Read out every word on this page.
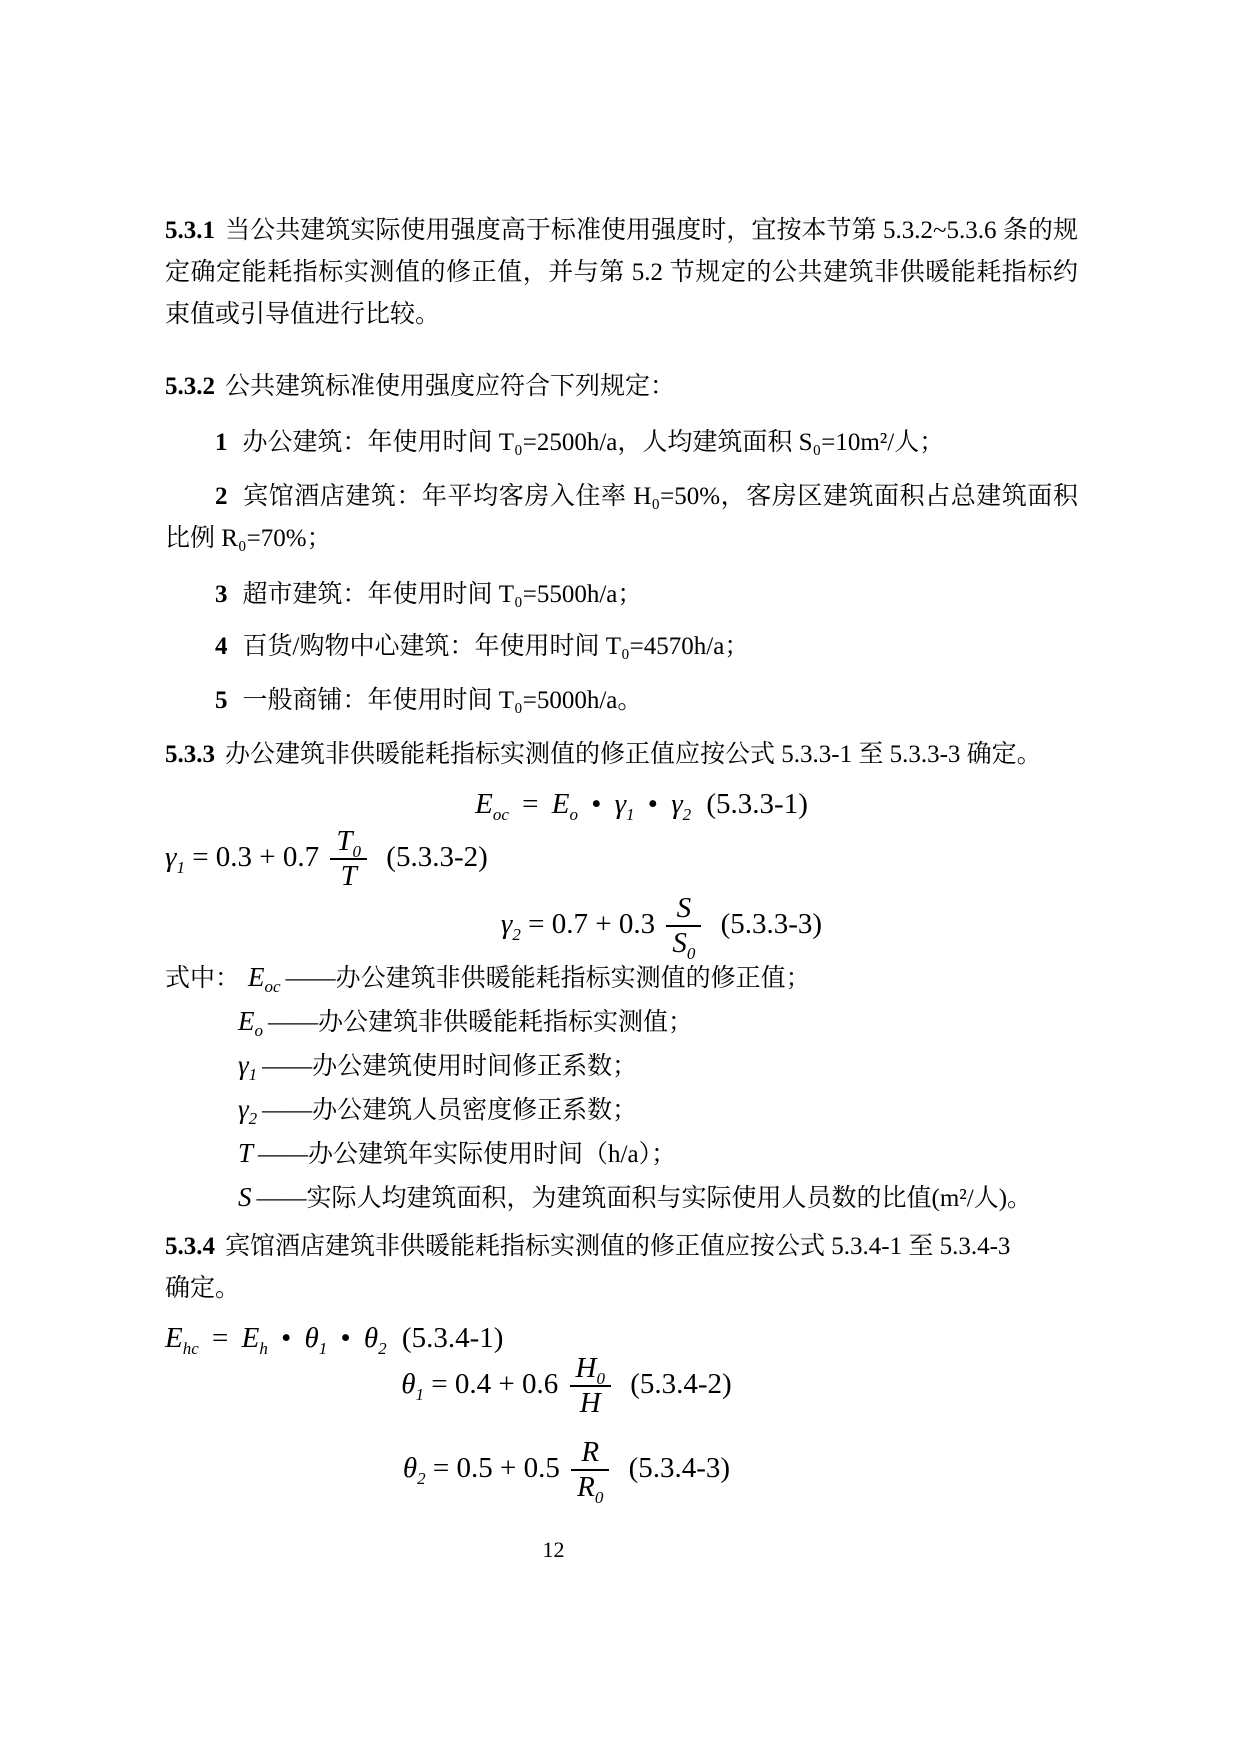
5.3.1 当公共建筑实际使用强度高于标准使用强度时，宜按本节第 5.3.2~5.3.6 条的规定确定能耗指标实测值的修正值，并与第 5.2 节规定的公共建筑非供暖能耗指标约束值或引导值进行比较。
5.3.2 公共建筑标准使用强度应符合下列规定：
1 办公建筑：年使用时间 T₀=2500h/a，人均建筑面积 S₀=10m²/人；
2 宾馆酒店建筑：年平均客房入住率 H₀=50%，客房区建筑面积占总建筑面积比例 R₀=70%；
3 超市建筑：年使用时间 T₀=5500h/a；
4 百货/购物中心建筑：年使用时间 T₀=4570h/a；
5 一般商铺：年使用时间 T₀=5000h/a。
5.3.3 办公建筑非供暖能耗指标实测值的修正值应按公式 5.3.3-1 至 5.3.3-3 确定。
$E_{oc} = E_o$ • $\gamma_1$ • $\gamma_2$ (5.3.3-1)
$\gamma_1 = 0.3 + 0.7 \frac{T_0}{T} (5.3.3-2)$
$\gamma_2 = 0.7 + 0.3 \frac{S}{S_0} (5.3.3-3)$
式中： $E_{oc}$ ——办公建筑非供暖能耗指标实测值的修正值；
$E_o$ ——办公建筑非供暖能耗指标实测值；
$\gamma_1$ ——办公建筑使用时间修正系数；
$\gamma_2$ ——办公建筑人员密度修正系数；
T ——办公建筑年实际使用时间（h/a）；
S ——实际人均建筑面积，为建筑面积与实际使用人员数的比值(m²/人)。
5.3.4 宾馆酒店建筑非供暖能耗指标实测值的修正值应按公式 5.3.4-1 至 5.3.4-3
确定。
$E_{hc} = E_h$ • $\theta_1$ • $\theta_2$ (5.3.4-1)
$\theta_1 = 0.4 + 0.6 \frac{H_0}{H} (5.3.4-2)$
$\theta_2 = 0.5 + 0.5 \frac{R}{R_0} (5.3.4-3)$
12
